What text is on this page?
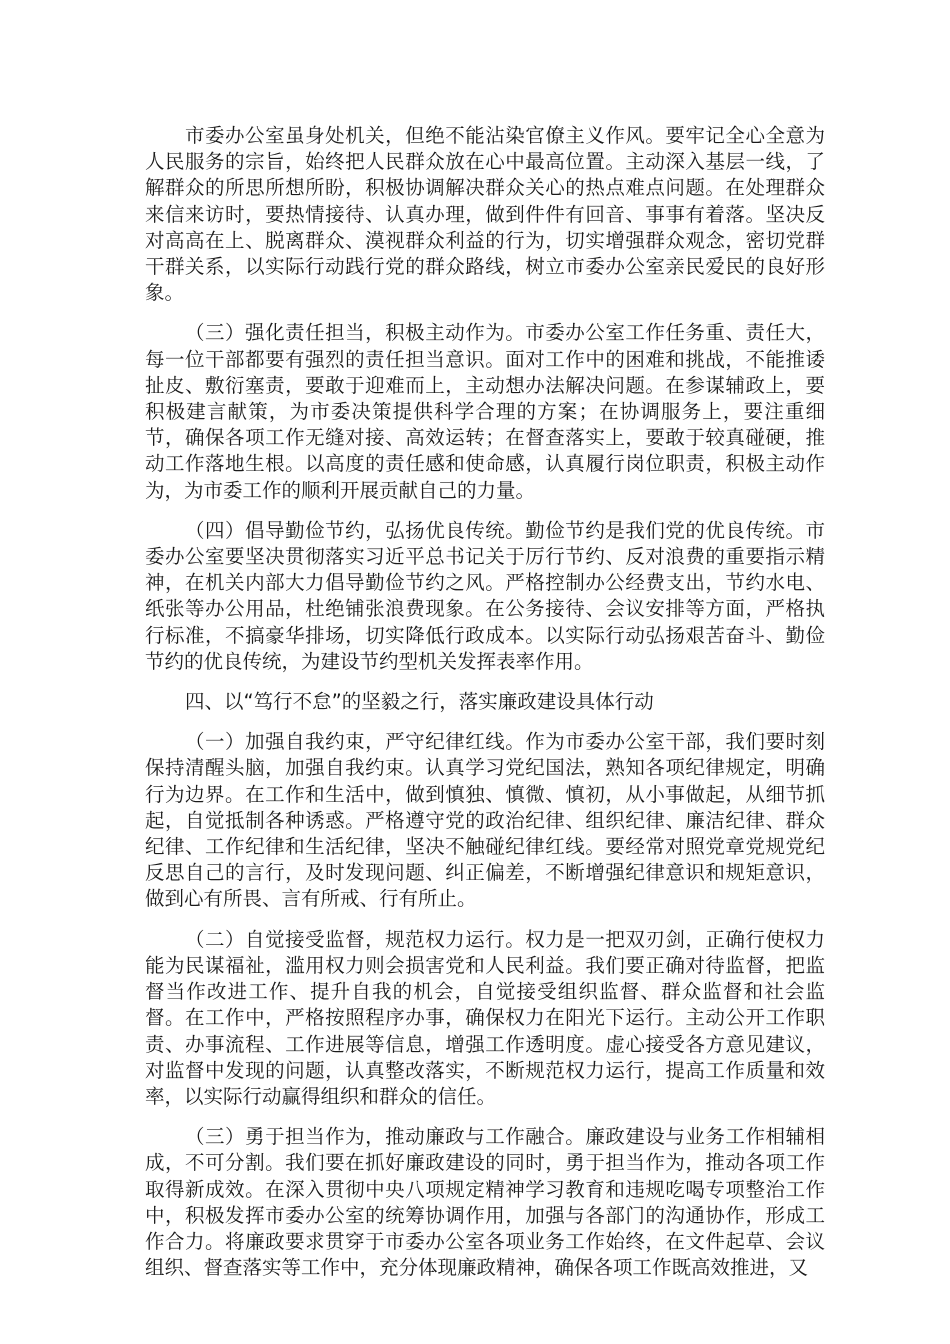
市委办公室虽身处机关，但绝不能沾染官僚主义作风。要牢记全心全意为人民服务的宗旨，始终把人民群众放在心中最高位置。主动深入基层一线，了解群众的所思所想所盼，积极协调解决群众关心的热点难点问题。在处理群众来信来访时，要热情接待、认真办理，做到件件有回音、事事有着落。坚决反对高高在上、脱离群众、漠视群众利益的行为，切实增强群众观念，密切党群干群关系，以实际行动践行党的群众路线，树立市委办公室亲民爱民的良好形象。

（三）强化责任担当，积极主动作为。市委办公室工作任务重、责任大，每一位干部都要有强烈的责任担当意识。面对工作中的困难和挑战，不能推诿扯皮、敷衍塞责，要敢于迎难而上，主动想办法解决问题。在参谋辅政上，要积极建言献策，为市委决策提供科学合理的方案；在协调服务上，要注重细节，确保各项工作无缝对接、高效运转；在督查落实上，要敢于较真碰硬，推动工作落地生根。以高度的责任感和使命感，认真履行岗位职责，积极主动作为，为市委工作的顺利开展贡献自己的力量。

（四）倡导勤俭节约，弘扬优良传统。勤俭节约是我们党的优良传统。市委办公室要坚决贯彻落实习近平总书记关于厉行节约、反对浪费的重要指示精神，在机关内部大力倡导勤俭节约之风。严格控制办公经费支出，节约水电、纸张等办公用品，杜绝铺张浪费现象。在公务接待、会议安排等方面，严格执行标准，不搞豪华排场，切实降低行政成本。以实际行动弘扬艰苦奋斗、勤俭节约的优良传统，为建设节约型机关发挥表率作用。

四、以“笃行不怠”的坚毅之行，落实廉政建设具体行动

（一）加强自我约束，严守纪律红线。作为市委办公室干部，我们要时刻保持清醒头脑，加强自我约束。认真学习党纪国法，熟知各项纪律规定，明确行为边界。在工作和生活中，做到慎独、慎微、慎初，从小事做起，从细节抓起，自觉抵制各种诱惑。严格遵守党的政治纪律、组织纪律、廉洁纪律、群众纪律、工作纪律和生活纪律，坚决不触碰纪律红线。要经常对照党章党规党纪反思自己的言行，及时发现问题、纠正偏差，不断增强纪律意识和规矩意识，做到心有所畏、言有所戒、行有所止。

（二）自觉接受监督，规范权力运行。权力是一把双刃剑，正确行使权力能为民谋福祉，滥用权力则会损害党和人民利益。我们要正确对待监督，把监督当作改进工作、提升自我的机会，自觉接受组织监督、群众监督和社会监督。在工作中，严格按照程序办事，确保权力在阳光下运行。主动公开工作职责、办事流程、工作进展等信息，增强工作透明度。虚心接受各方意见建议，对监督中发现的问题，认真整改落实，不断规范权力运行，提高工作质量和效率，以实际行动赢得组织和群众的信任。

（三）勇于担当作为，推动廉政与工作融合。廉政建设与业务工作相辅相成，不可分割。我们要在抓好廉政建设的同时，勇于担当作为，推动各项工作取得新成效。在深入贯彻中央八项规定精神学习教育和违规吃喝专项整治工作中，积极发挥市委办公室的统筹协调作用，加强与各部门的沟通协作，形成工作合力。将廉政要求贯穿于市委办公室各项业务工作始终，在文件起草、会议组织、督查落实等工作中，充分体现廉政精神，确保各项工作既高效推进，又
